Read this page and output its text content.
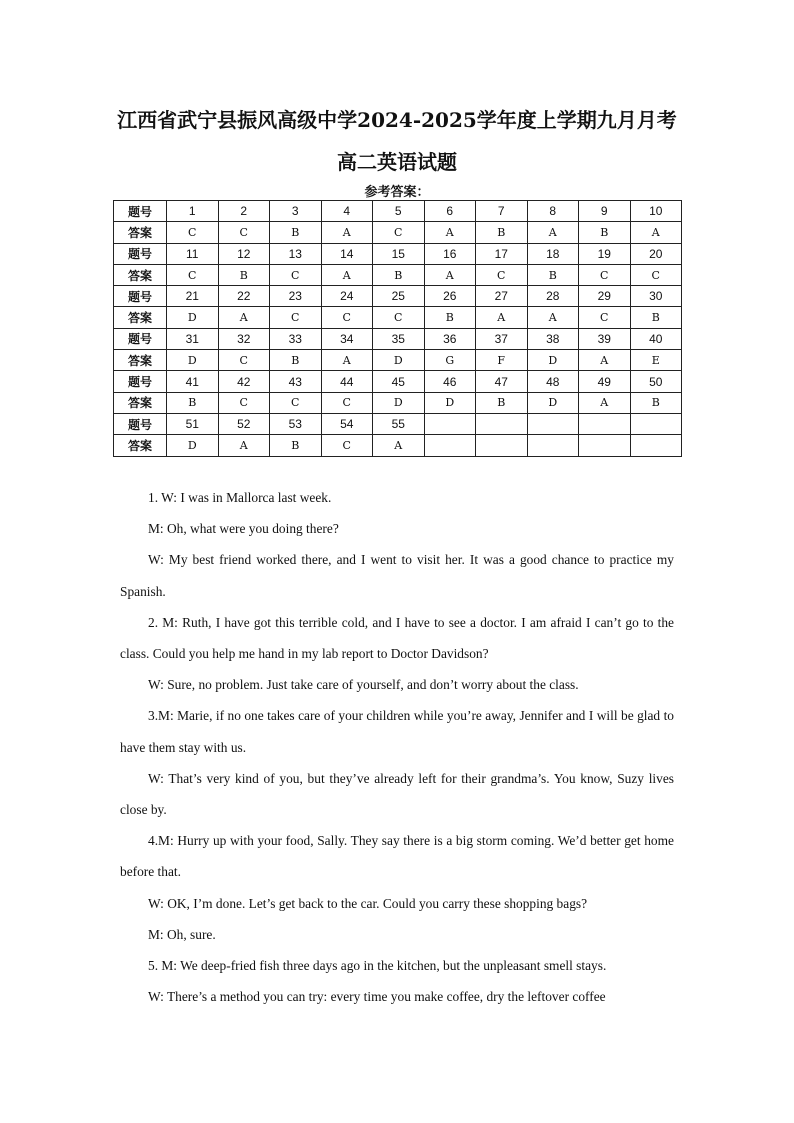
江西省武宁县振风高级中学2024-2025学年度上学期九月月考
高二英语试题
参考答案：
题号	1	2	3	4	5	6	7	8	9	10
答案	C	C	B	A	C	A	B	A	B	A
题号	11	12	13	14	15	16	17	18	19	20
答案	C	B	C	A	B	A	C	B	C	C
题号	21	22	23	24	25	26	27	28	29	30
答案	D	A	C	C	C	B	A	A	C	B
题号	31	32	33	34	35	36	37	38	39	40
答案	D	C	B	A	D	G	F	D	A	E
题号	41	42	43	44	45	46	47	48	49	50
答案	B	C	C	C	D	D	B	D	A	B
题号	51	52	53	54	55					
答案	D	A	B	C	A					

1. W: I was in Mallorca last week.

M: Oh, what were you doing there?

W: My best friend worked there, and I went to visit her. It was a good chance to practice my Spanish.

2. M: Ruth, I have got this terrible cold, and I have to see a doctor. I am afraid I can’t go to the class. Could you help me hand in my lab report to Doctor Davidson?

W: Sure, no problem. Just take care of yourself, and don’t worry about the class.

3.M: Marie, if no one takes care of your children while you’re away, Jennifer and I will be glad to have them stay with us.

W: That’s very kind of you, but they’ve already left for their grandma’s. You know, Suzy lives close by.

4.M: Hurry up with your food, Sally. They say there is a big storm coming. We’d better get home before that.

W: OK, I’m done. Let’s get back to the car. Could you carry these shopping bags?

M: Oh, sure.

5. M: We deep-fried fish three days ago in the kitchen, but the unpleasant smell stays.

W: There’s a method you can try: every time you make coffee, dry the leftover coffee
